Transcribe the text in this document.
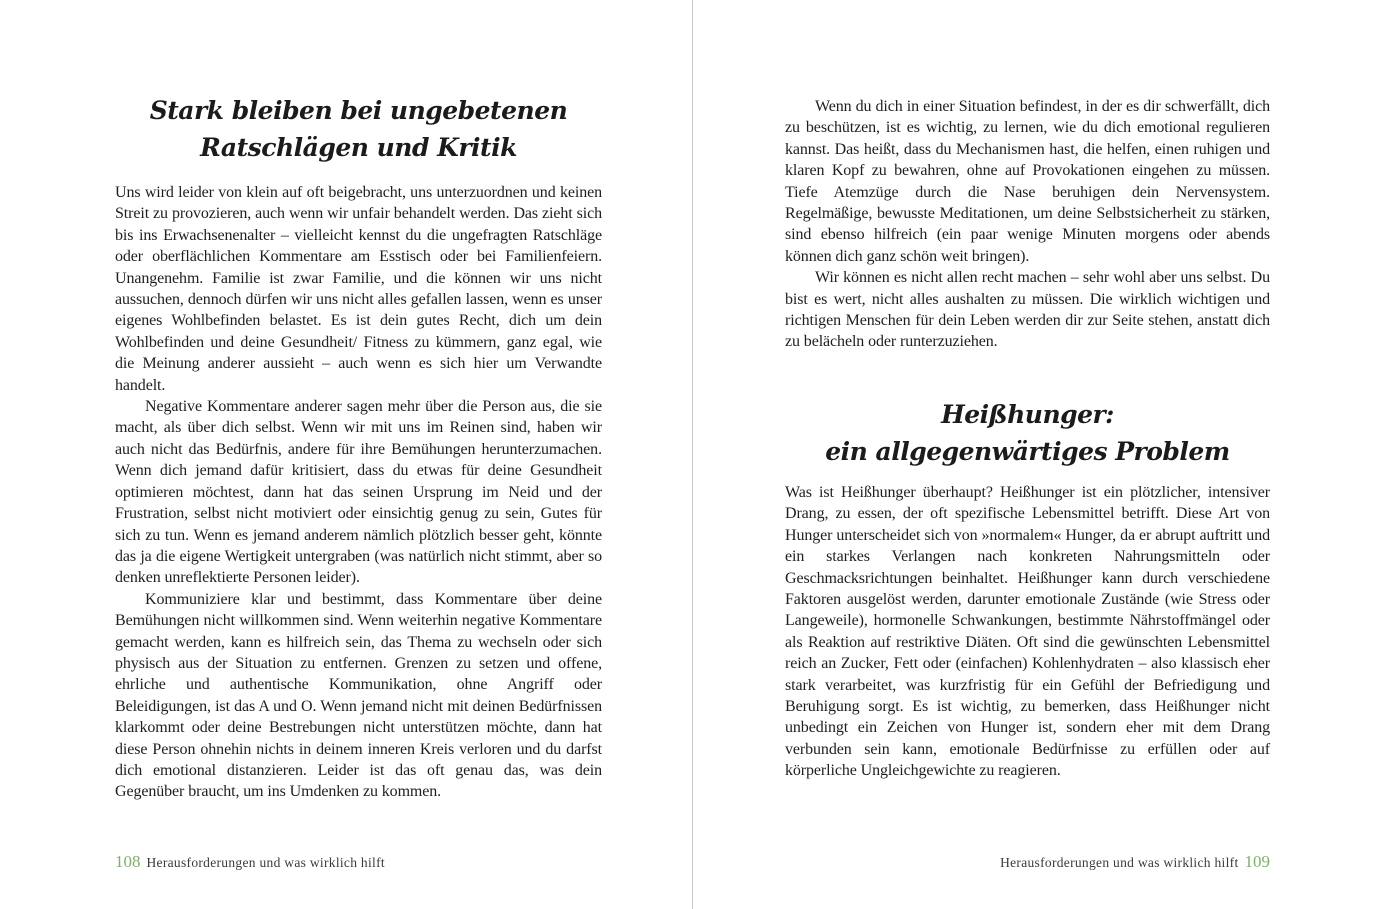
Stark bleiben bei ungebetenen
Ratschlägen und Kritik

Uns wird leider von klein auf oft beigebracht, uns unterzuordnen und keinen Streit zu provozieren, auch wenn wir unfair behandelt werden. Das zieht sich bis ins Erwachsenenalter – vielleicht kennst du die ungefragten Ratschläge oder oberflächlichen Kommentare am Esstisch oder bei Familienfeiern. Unangenehm. Familie ist zwar Familie, und die können wir uns nicht aussuchen, dennoch dürfen wir uns nicht alles gefallen lassen, wenn es unser eigenes Wohlbefinden belastet. Es ist dein gutes Recht, dich um dein Wohlbefinden und deine Gesundheit/ Fitness zu kümmern, ganz egal, wie die Meinung anderer aussieht – auch wenn es sich hier um Verwandte handelt.

Negative Kommentare anderer sagen mehr über die Person aus, die sie macht, als über dich selbst. Wenn wir mit uns im Reinen sind, haben wir auch nicht das Bedürfnis, andere für ihre Bemühungen herunterzumachen. Wenn dich jemand dafür kritisiert, dass du etwas für deine Gesundheit optimieren möchtest, dann hat das seinen Ursprung im Neid und der Frustration, selbst nicht motiviert oder einsichtig genug zu sein, Gutes für sich zu tun. Wenn es jemand anderem nämlich plötzlich besser geht, könnte das ja die eigene Wertigkeit untergraben (was natürlich nicht stimmt, aber so denken unreflektierte Personen leider).

Kommuniziere klar und bestimmt, dass Kommentare über deine Bemühungen nicht willkommen sind. Wenn weiterhin negative Kommentare gemacht werden, kann es hilfreich sein, das Thema zu wechseln oder sich physisch aus der Situation zu entfernen. Grenzen zu setzen und offene, ehrliche und authentische Kommunikation, ohne Angriff oder Beleidigungen, ist das A und O. Wenn jemand nicht mit deinen Bedürfnissen klarkommt oder deine Bestrebungen nicht unterstützen möchte, dann hat diese Person ohnehin nichts in deinem inneren Kreis verloren und du darfst dich emotional distanzieren. Leider ist das oft genau das, was dein Gegenüber braucht, um ins Umdenken zu kommen.

Wenn du dich in einer Situation befindest, in der es dir schwerfällt, dich zu beschützen, ist es wichtig, zu lernen, wie du dich emotional regulieren kannst. Das heißt, dass du Mechanismen hast, die helfen, einen ruhigen und klaren Kopf zu bewahren, ohne auf Provokationen eingehen zu müssen. Tiefe Atemzüge durch die Nase beruhigen dein Nervensystem. Regelmäßige, bewusste Meditationen, um deine Selbstsicherheit zu stärken, sind ebenso hilfreich (ein paar wenige Minuten morgens oder abends können dich ganz schön weit bringen).

Wir können es nicht allen recht machen – sehr wohl aber uns selbst. Du bist es wert, nicht alles aushalten zu müssen. Die wirklich wichtigen und richtigen Menschen für dein Leben werden dir zur Seite stehen, anstatt dich zu belächeln oder runterzuziehen.

Heißhunger:
ein allgegenwärtiges Problem

Was ist Heißhunger überhaupt? Heißhunger ist ein plötzlicher, intensiver Drang, zu essen, der oft spezifische Lebensmittel betrifft. Diese Art von Hunger unterscheidet sich von »normalem« Hunger, da er abrupt auftritt und ein starkes Verlangen nach konkreten Nahrungsmitteln oder Geschmacksrichtungen beinhaltet. Heißhunger kann durch verschiedene Faktoren ausgelöst werden, darunter emotionale Zustände (wie Stress oder Langeweile), hormonelle Schwankungen, bestimmte Nährstoffmängel oder als Reaktion auf restriktive Diäten. Oft sind die gewünschten Lebensmittel reich an Zucker, Fett oder (einfachen) Kohlenhydraten – also klassisch eher stark verarbeitet, was kurzfristig für ein Gefühl der Befriedigung und Beruhigung sorgt. Es ist wichtig, zu bemerken, dass Heißhunger nicht unbedingt ein Zeichen von Hunger ist, sondern eher mit dem Drang verbunden sein kann, emotionale Bedürfnisse zu erfüllen oder auf körperliche Ungleichgewichte zu reagieren.

108 Herausforderungen und was wirklich hilft	Herausforderungen und was wirklich hilft 109
